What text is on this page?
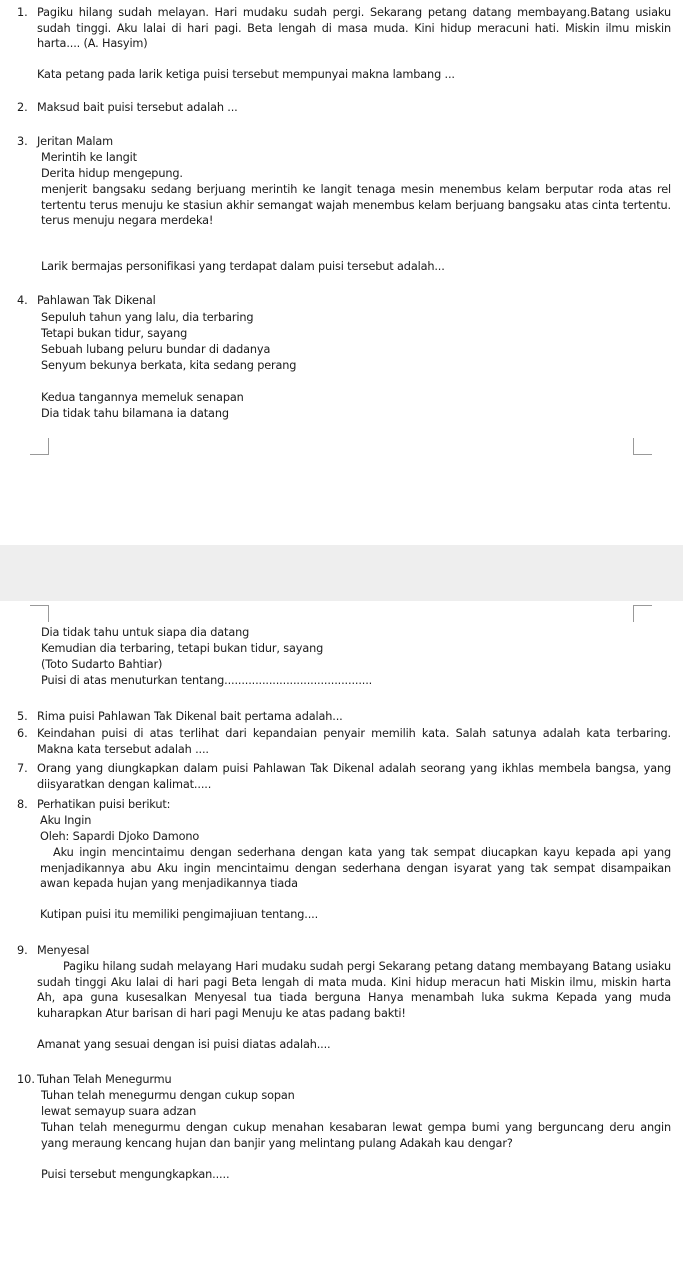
1. Pagiku hilang sudah melayan. Hari mudaku sudah pergi. Sekarang petang datang membayang.Batang usiaku sudah tinggi. Aku lalai di hari pagi. Beta lengah di masa muda. Kini hidup meracuni hati. Miskin ilmu miskin harta.... (A. Hasyim)
Kata petang pada larik ketiga puisi tersebut mempunyai makna lambang ...
2. Maksud bait puisi tersebut adalah ...
3. Jeritan Malam
Merintih ke langit
Derita hidup mengepung.
menjerit bangsaku sedang berjuang merintih ke langit tenaga mesin menembus kelam berputar roda atas rel tertentu terus menuju ke stasiun akhir semangat wajah menembus kelam berjuang bangsaku atas cinta tertentu. terus menuju negara merdeka!
Larik bermajas personifikasi yang terdapat dalam puisi tersebut adalah...
4. Pahlawan Tak Dikenal
Sepuluh tahun yang lalu, dia terbaring
Tetapi bukan tidur, sayang
Sebuah lubang peluru bundar di dadanya
Senyum bekunya berkata, kita sedang perang
Kedua tangannya memeluk senapan
Dia tidak tahu bilamana ia datang
Dia tidak tahu untuk siapa dia datang
Kemudian dia terbaring, tetapi bukan tidur, sayang
(Toto Sudarto Bahtiar)
Puisi di atas menuturkan tentang...........................................
5. Rima puisi Pahlawan Tak Dikenal bait pertama adalah...
6. Keindahan puisi di atas terlihat dari kepandaian penyair memilih kata. Salah satunya adalah kata terbaring. Makna kata tersebut adalah ....
7. Orang yang diungkapkan dalam puisi Pahlawan Tak Dikenal adalah seorang yang ikhlas membela bangsa, yang diisyaratkan dengan kalimat.....
8. Perhatikan puisi berikut:
Aku Ingin
Oleh: Sapardi Djoko Damono
Aku ingin mencintaimu dengan sederhana dengan kata yang tak sempat diucapkan kayu kepada api yang menjadikannya abu Aku ingin mencintaimu dengan sederhana dengan isyarat yang tak sempat disampaikan awan kepada hujan yang menjadikannya tiada
Kutipan puisi itu memiliki pengimajiuan tentang....
9. Menyesal
Pagiku hilang sudah melayang Hari mudaku sudah pergi Sekarang petang datang membayang Batang usiaku sudah tinggi Aku lalai di hari pagi Beta lengah di mata muda. Kini hidup meracun hati Miskin ilmu, miskin harta Ah, apa guna kusesalkan Menyesal tua tiada berguna Hanya menambah luka sukma Kepada yang muda kuharapkan Atur barisan di hari pagi Menuju ke atas padang bakti!
Amanat yang sesuai dengan isi puisi diatas adalah....
10. Tuhan Telah Menegurmu
Tuhan telah menegurmu dengan cukup sopan
lewat semayup suara adzan
Tuhan telah menegurmu dengan cukup menahan kesabaran lewat gempa bumi yang berguncang deru angin yang meraung kencang hujan dan banjir yang melintang pulang Adakah kau dengar?
Puisi tersebut mengungkapkan.....
